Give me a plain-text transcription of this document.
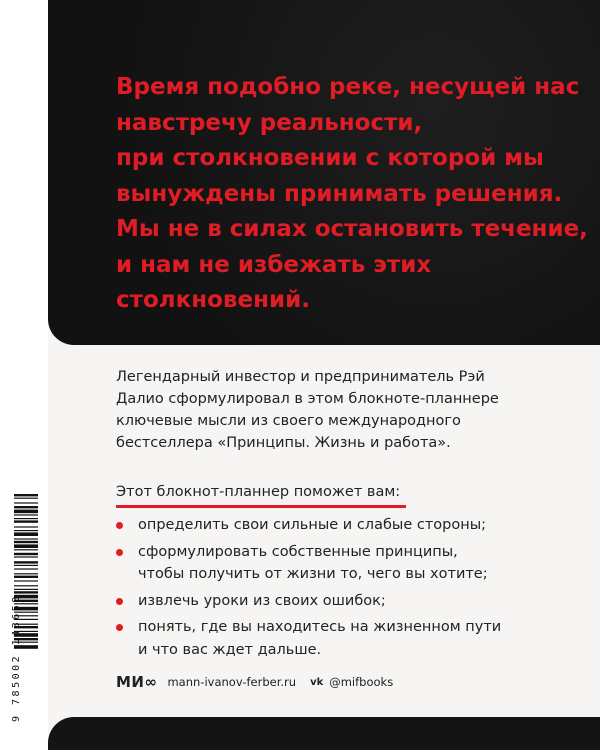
Время подобно реке, несущей нас
навстречу реальности,
при столкновении с которой мы
вынуждены принимать решения.
Мы не в силах остановить течение,
и нам не избежать этих
столкновений.

Легендарный инвестор и предприниматель Рэй
Далио сформулировал в этом блокноте-планнере
ключевые мысли из своего международного
бестселлера «Принципы. Жизнь и работа».

Этот блокнот-планнер поможет вам:

определить свои сильные и слабые стороны;
сформулировать собственные принципы,
чтобы получить от жизни то, чего вы хотите;
извлечь уроки из своих ошибок;
понять, где вы находитесь на жизненном пути
и что вас ждет дальше.
МИ∞ mann-ivanov-ferber.ru vk @mifbooks
9 785002 143658
